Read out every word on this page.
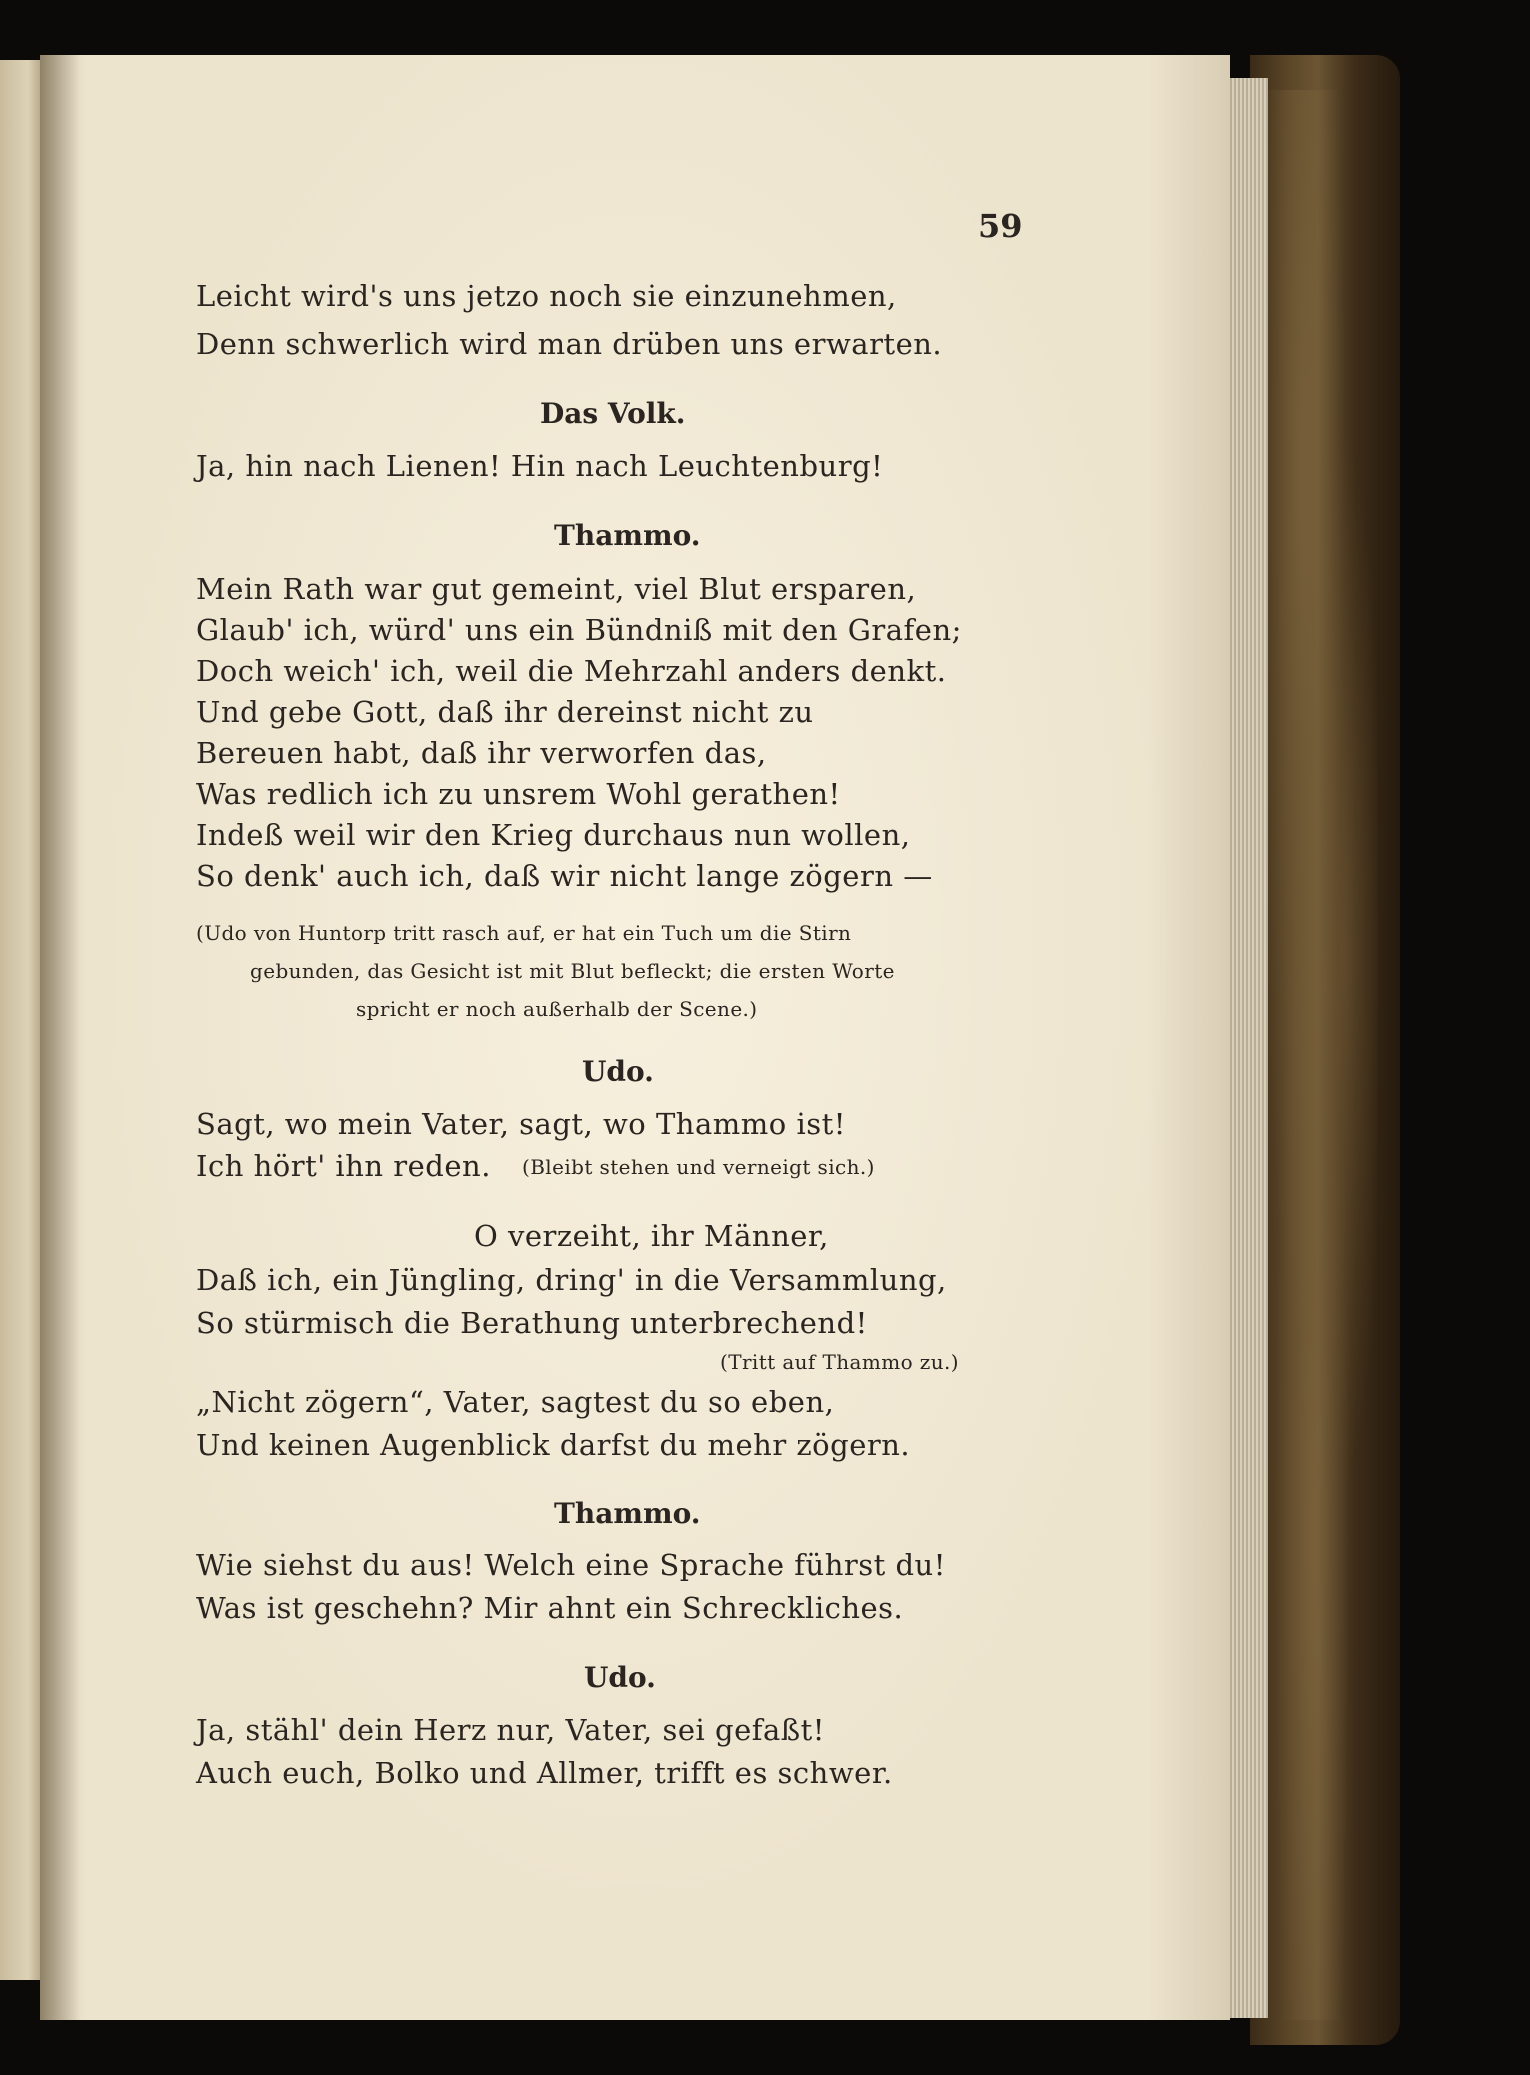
59
Leicht wird's uns jetzo noch sie einzunehmen,
Denn schwerlich wird man drüben uns erwarten.
Das Volk.
Ja, hin nach Lienen! Hin nach Leuchtenburg!
Thammo.
Mein Rath war gut gemeint, viel Blut ersparen,
Glaub' ich, würd' uns ein Bündniß mit den Grafen;
Doch weich' ich, weil die Mehrzahl anders denkt.
Und gebe Gott, daß ihr dereinst nicht zu
Bereuen habt, daß ihr verworfen das,
Was redlich ich zu unsrem Wohl gerathen!
Indeß weil wir den Krieg durchaus nun wollen,
So denk' auch ich, daß wir nicht lange zögern —
(Udo von Huntorp tritt rasch auf, er hat ein Tuch um die Stirn
gebunden, das Gesicht ist mit Blut befleckt; die ersten Worte
spricht er noch außerhalb der Scene.)
Udo.
Sagt, wo mein Vater, sagt, wo Thammo ist!
Ich hört' ihn reden. (Bleibt stehen und verneigt sich.)
O verzeiht, ihr Männer,
Daß ich, ein Jüngling, dring' in die Versammlung,
So stürmisch die Berathung unterbrechend!
(Tritt auf Thammo zu.)
„Nicht zögern“, Vater, sagtest du so eben,
Und keinen Augenblick darfst du mehr zögern.
Thammo.
Wie siehst du aus! Welch eine Sprache führst du!
Was ist geschehn? Mir ahnt ein Schreckliches.
Udo.
Ja, stähl' dein Herz nur, Vater, sei gefaßt!
Auch euch, Bolko und Allmer, trifft es schwer.
